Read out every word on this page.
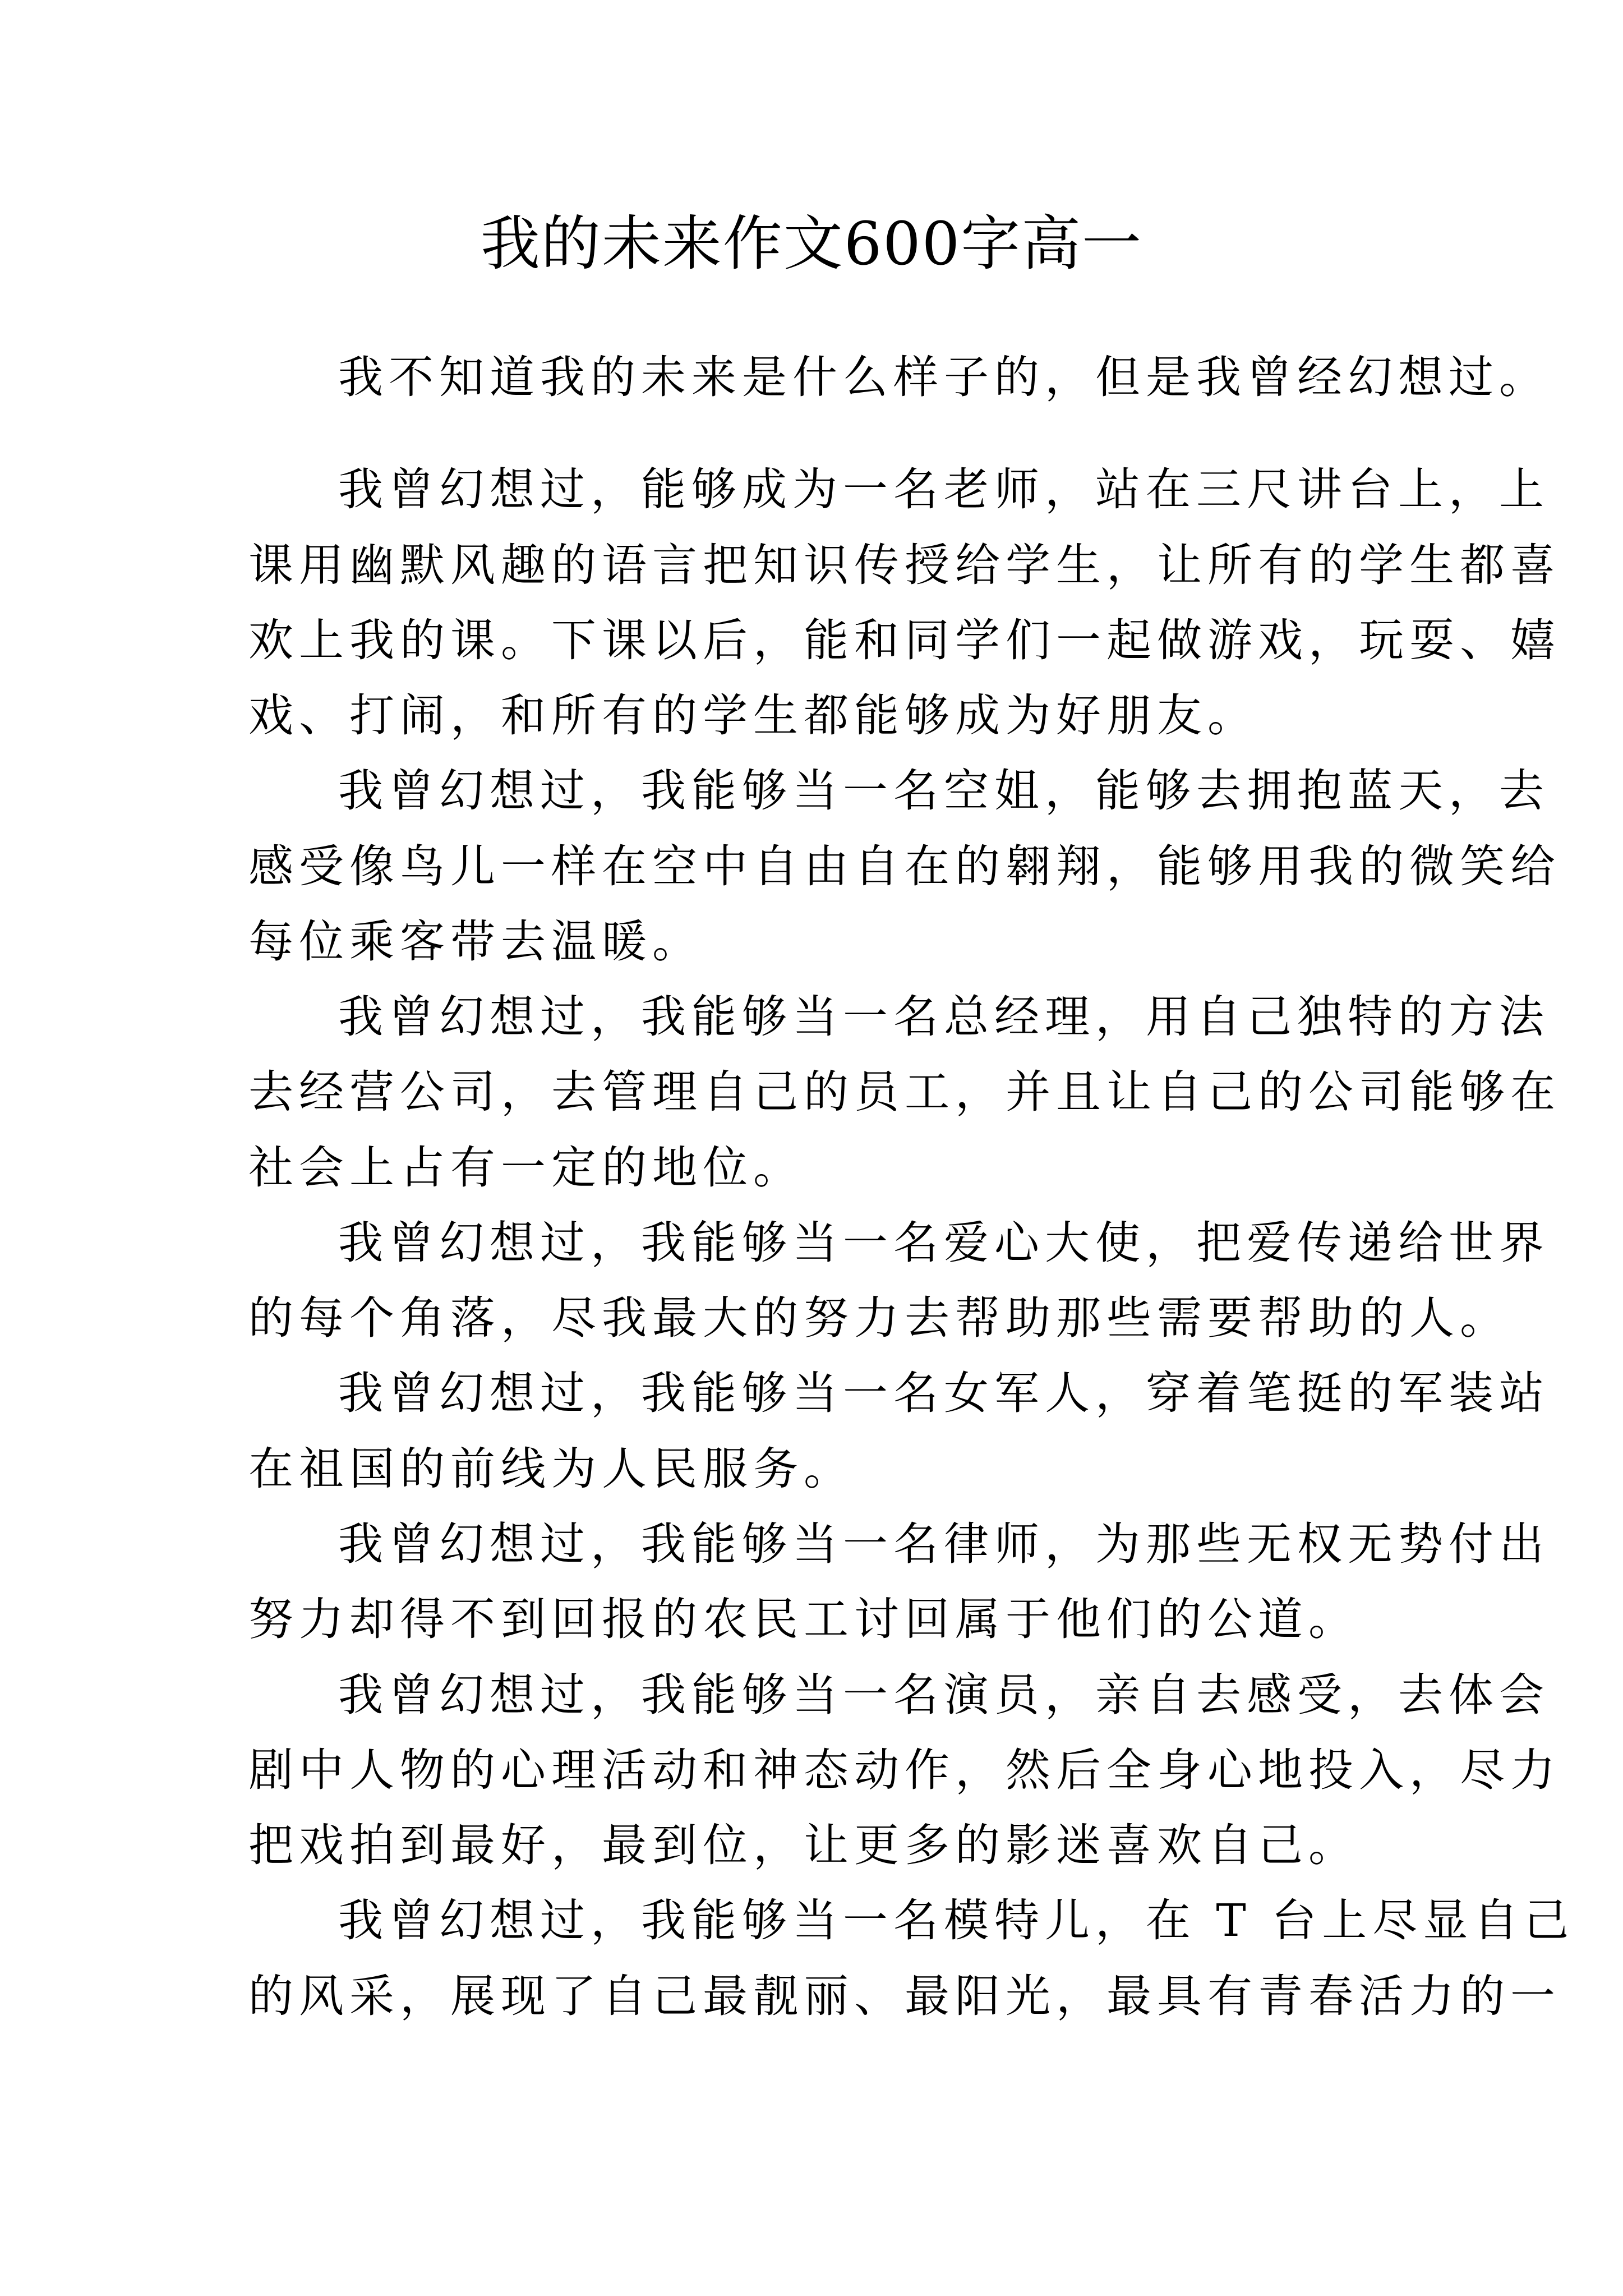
我的未来作文600字高一
我不知道我的未来是什么样子的，但是我曾经幻想过。
我曾幻想过，能够成为一名老师，站在三尺讲台上，上
课用幽默风趣的语言把知识传授给学生，让所有的学生都喜
欢上我的课。下课以后，能和同学们一起做游戏，玩耍、嬉
戏、打闹，和所有的学生都能够成为好朋友。
我曾幻想过，我能够当一名空姐，能够去拥抱蓝天，去
感受像鸟儿一样在空中自由自在的翱翔，能够用我的微笑给
每位乘客带去温暖。
我曾幻想过，我能够当一名总经理，用自己独特的方法
去经营公司，去管理自己的员工，并且让自己的公司能够在
社会上占有一定的地位。
我曾幻想过，我能够当一名爱心大使，把爱传递给世界
的每个角落，尽我最大的努力去帮助那些需要帮助的人。
我曾幻想过，我能够当一名女军人，穿着笔挺的军装站
在祖国的前线为人民服务。
我曾幻想过，我能够当一名律师，为那些无权无势付出
努力却得不到回报的农民工讨回属于他们的公道。
我曾幻想过，我能够当一名演员，亲自去感受，去体会
剧中人物的心理活动和神态动作，然后全身心地投入，尽力
把戏拍到最好，最到位，让更多的影迷喜欢自己。
我曾幻想过，我能够当一名模特儿，在 T 台上尽显自己
的风采，展现了自己最靓丽、最阳光，最具有青春活力的一
